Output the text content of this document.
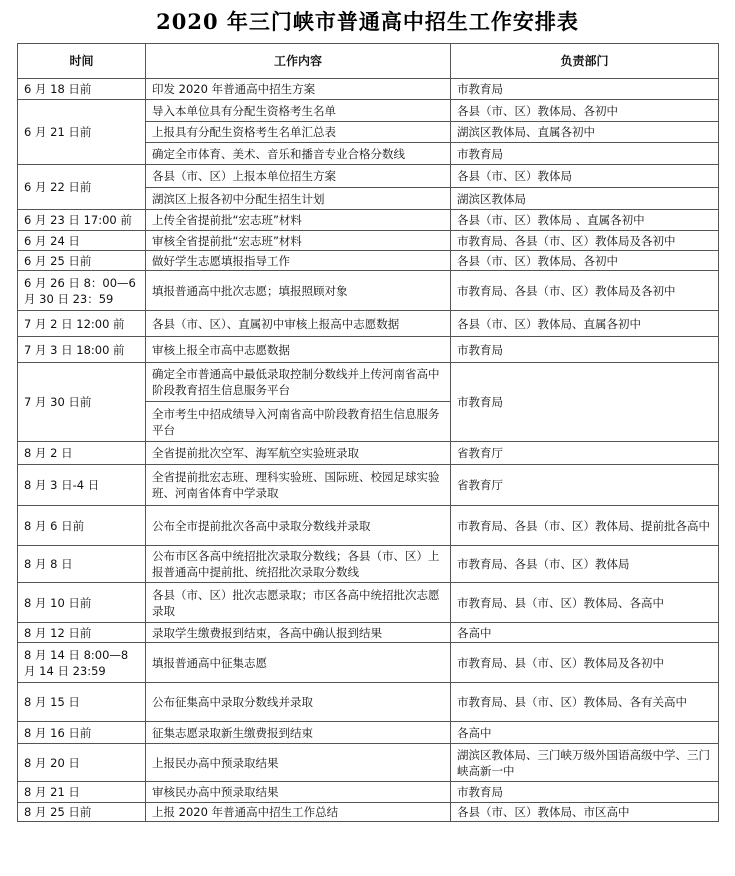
2020 年三门峡市普通高中招生工作安排表
时间	工作内容	负责部门
6 月 18 日前	印发 2020 年普通高中招生方案	市教育局
6 月 21 日前	导入本单位具有分配生资格考生名单	各县（市、区）教体局、各初中
	上报具有分配生资格考生名单汇总表	湖滨区教体局、直属各初中
	确定全市体育、美术、音乐和播音专业合格分数线	市教育局
6 月 22 日前	各县（市、区）上报本单位招生方案	各县（市、区）教体局
	湖滨区上报各初中分配生招生计划	湖滨区教体局
6 月 23 日 17:00 前	上传全省提前批“宏志班”材料	各县（市、区）教体局 、直属各初中
6 月 24 日	审核全省提前批“宏志班”材料	市教育局、各县（市、区）教体局及各初中
6 月 25 日前	做好学生志愿填报指导工作	各县（市、区）教体局、各初中
6 月 26 日 8：00—6 月 30 日 23：59	填报普通高中批次志愿；填报照顾对象	市教育局、各县（市、区）教体局及各初中
7 月 2 日 12:00 前	各县（市、区）、直属初中审核上报高中志愿数据	各县（市、区）教体局、直属各初中
7 月 3 日 18:00 前	审核上报全市高中志愿数据	市教育局
7 月 30 日前	确定全市普通高中最低录取控制分数线并上传河南省高中阶段教育招生信息服务平台	市教育局
	全市考生中招成绩导入河南省高中阶段教育招生信息服务平台	
8 月 2 日	全省提前批次空军、海军航空实验班录取	省教育厅
8 月 3 日-4 日	全省提前批宏志班、理科实验班、国际班、校园足球实验班、河南省体育中学录取	省教育厅
8 月 6 日前	公布全市提前批次各高中录取分数线并录取	市教育局、各县（市、区）教体局、提前批各高中
8 月 8 日	公布市区各高中统招批次录取分数线；各县（市、区）上报普通高中提前批、统招批次录取分数线	市教育局、各县（市、区）教体局
8 月 10 日前	各县（市、区）批次志愿录取；市区各高中统招批次志愿录取	市教育局、县（市、区）教体局、各高中
8 月 12 日前	录取学生缴费报到结束，各高中确认报到结果	各高中
8 月 14 日 8:00—8 月 14 日 23:59	填报普通高中征集志愿	市教育局、县（市、区）教体局及各初中
8 月 15 日	公布征集高中录取分数线并录取	市教育局、县（市、区）教体局、各有关高中
8 月 16 日前	征集志愿录取新生缴费报到结束	各高中
8 月 20 日	上报民办高中预录取结果	湖滨区教体局、三门峡万级外国语高级中学、三门峡高新一中
8 月 21 日	审核民办高中预录取结果	市教育局
8 月 25 日前	上报 2020 年普通高中招生工作总结	各县（市、区）教体局、市区高中
